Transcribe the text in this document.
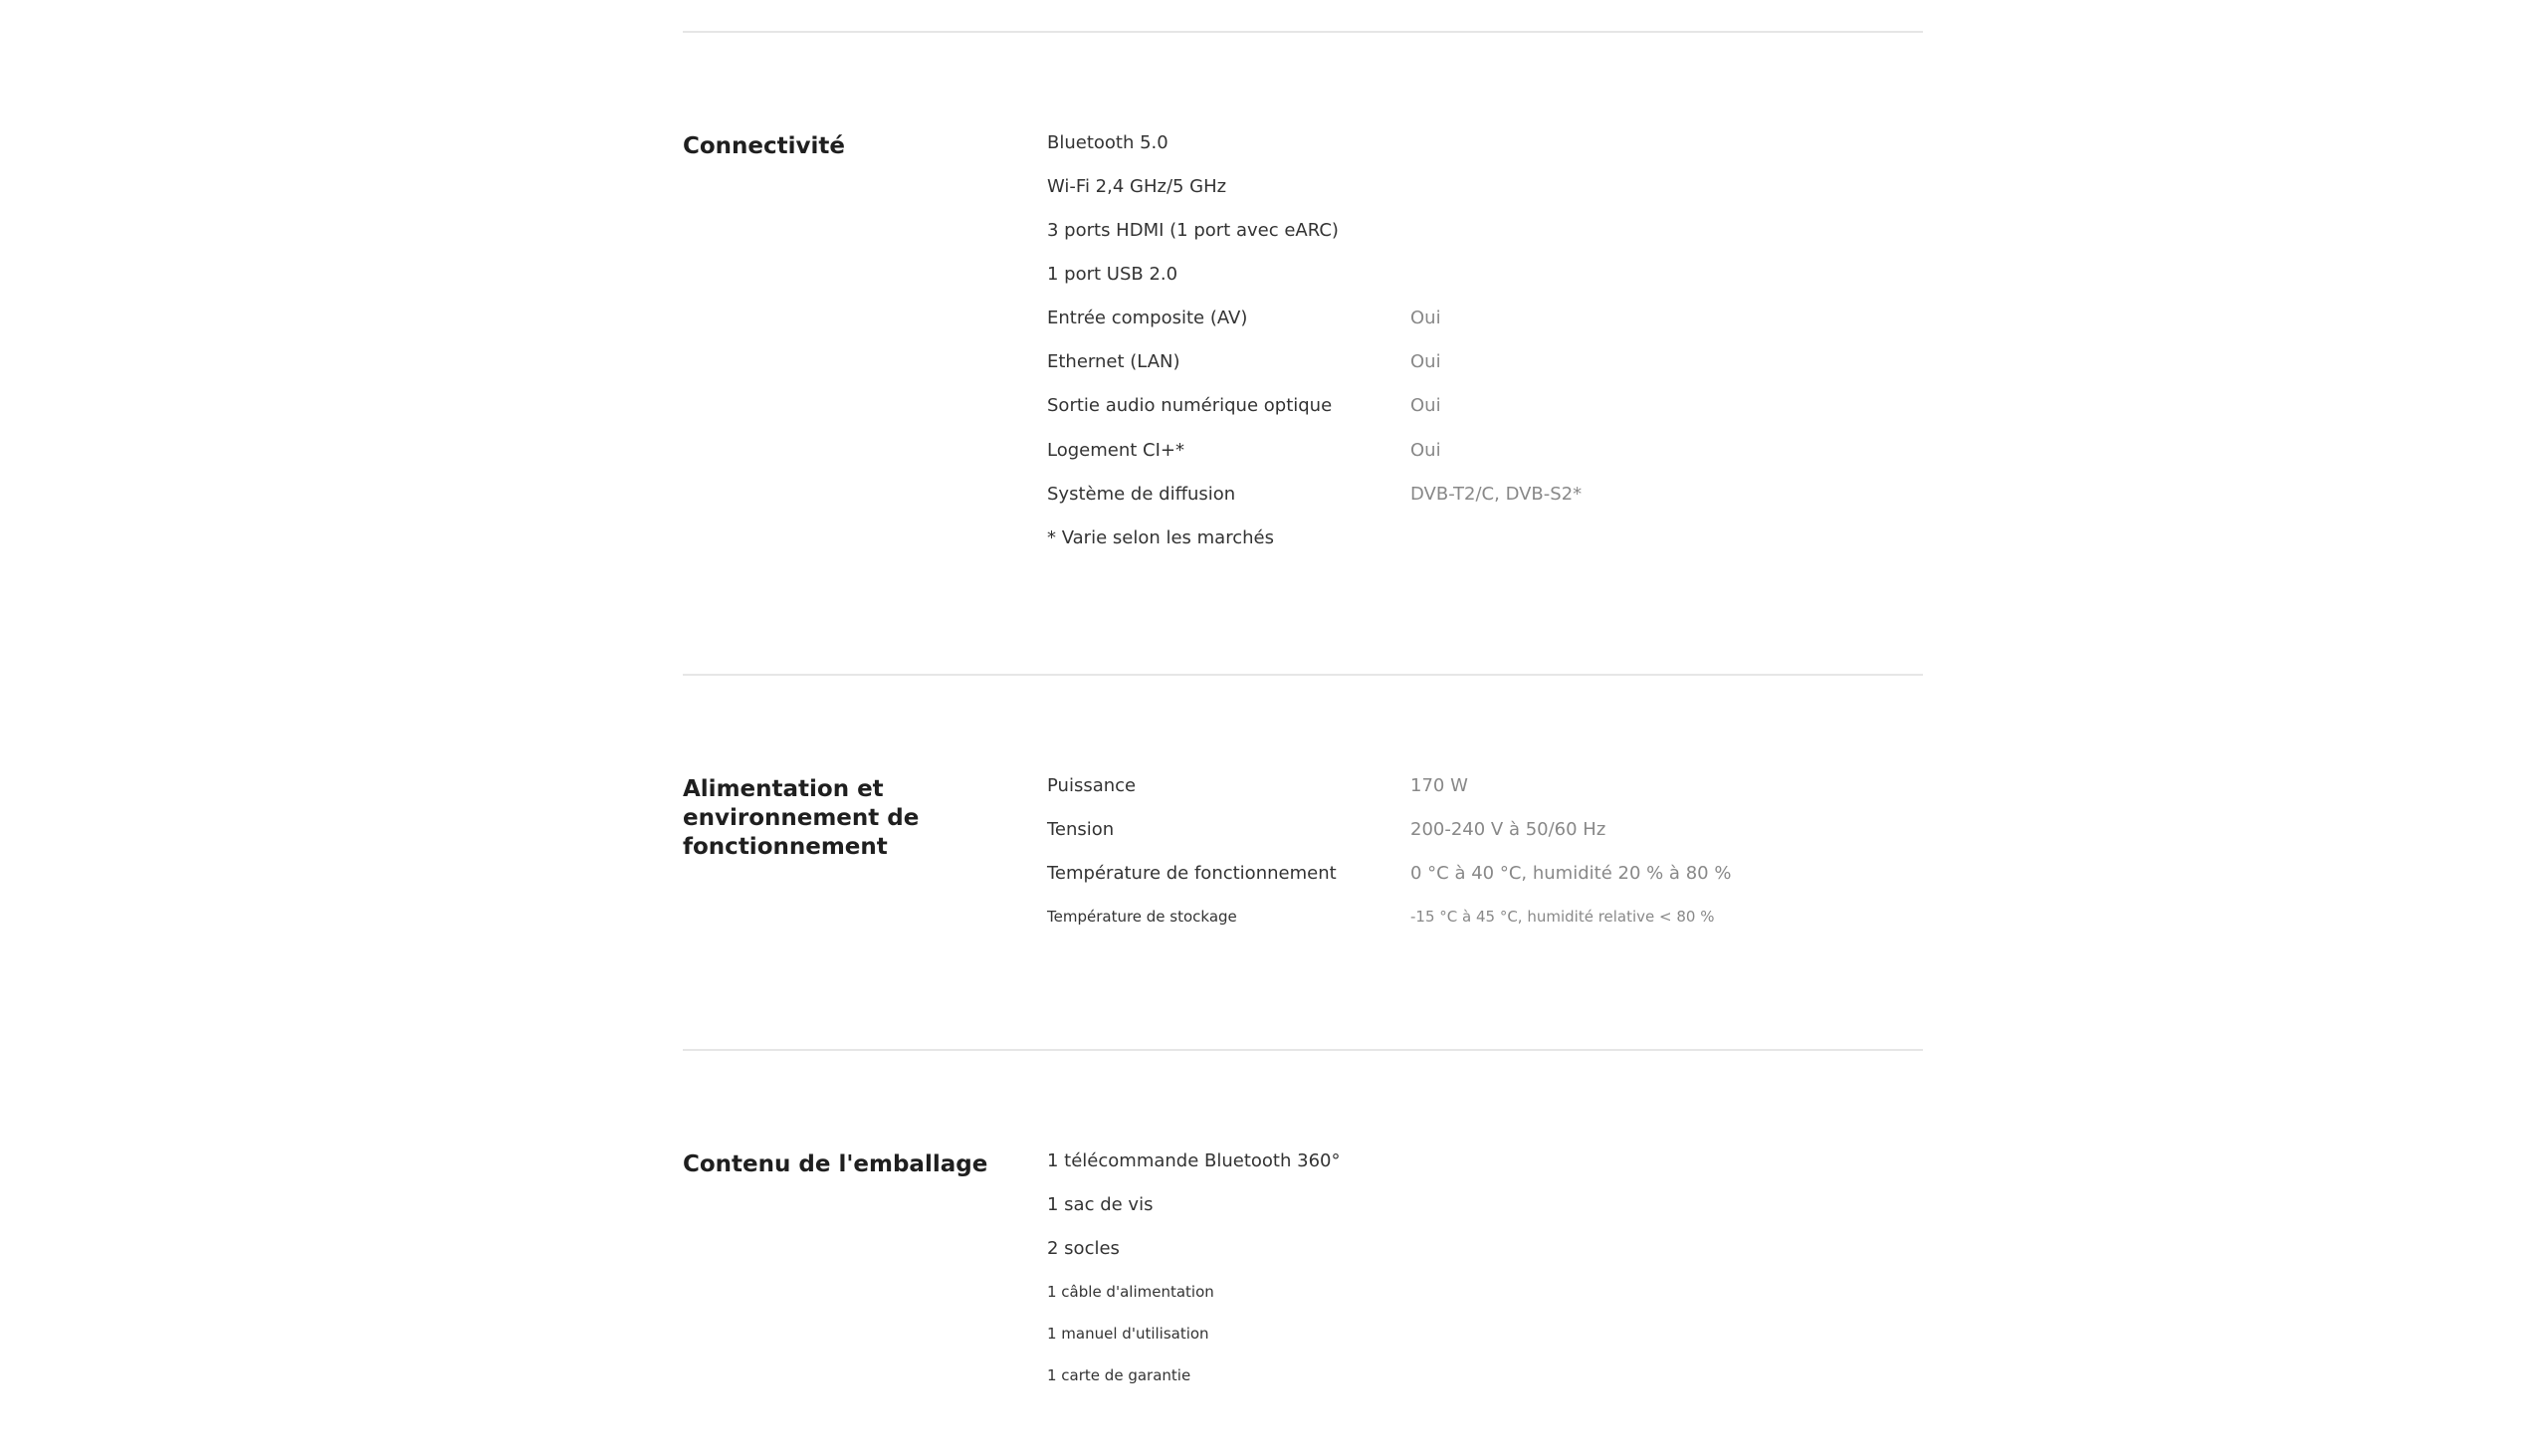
Connectivité	Bluetooth 5.0
Wi-Fi 2,4 GHz/5 GHz
3 ports HDMI (1 port avec eARC)
1 port USB 2.0
Entrée composite (AV)	Oui
Ethernet (LAN)	Oui
Sortie audio numérique optique	Oui
Logement CI+*	Oui
Système de diffusion	DVB-T2/C, DVB-S2*
* Varie selon les marchés
Alimentation et environnement de fonctionnement
Puissance	170 W
Tension	200-240 V à 50/60 Hz
Température de fonctionnement	0 °C à 40 °C, humidité 20 % à 80 %
Température de stockage	-15 °C à 45 °C, humidité relative < 80 %
Contenu de l'emballage	1 télécommande Bluetooth 360°
1 sac de vis
2 socles
1 câble d'alimentation
1 manuel d'utilisation
1 carte de garantie
